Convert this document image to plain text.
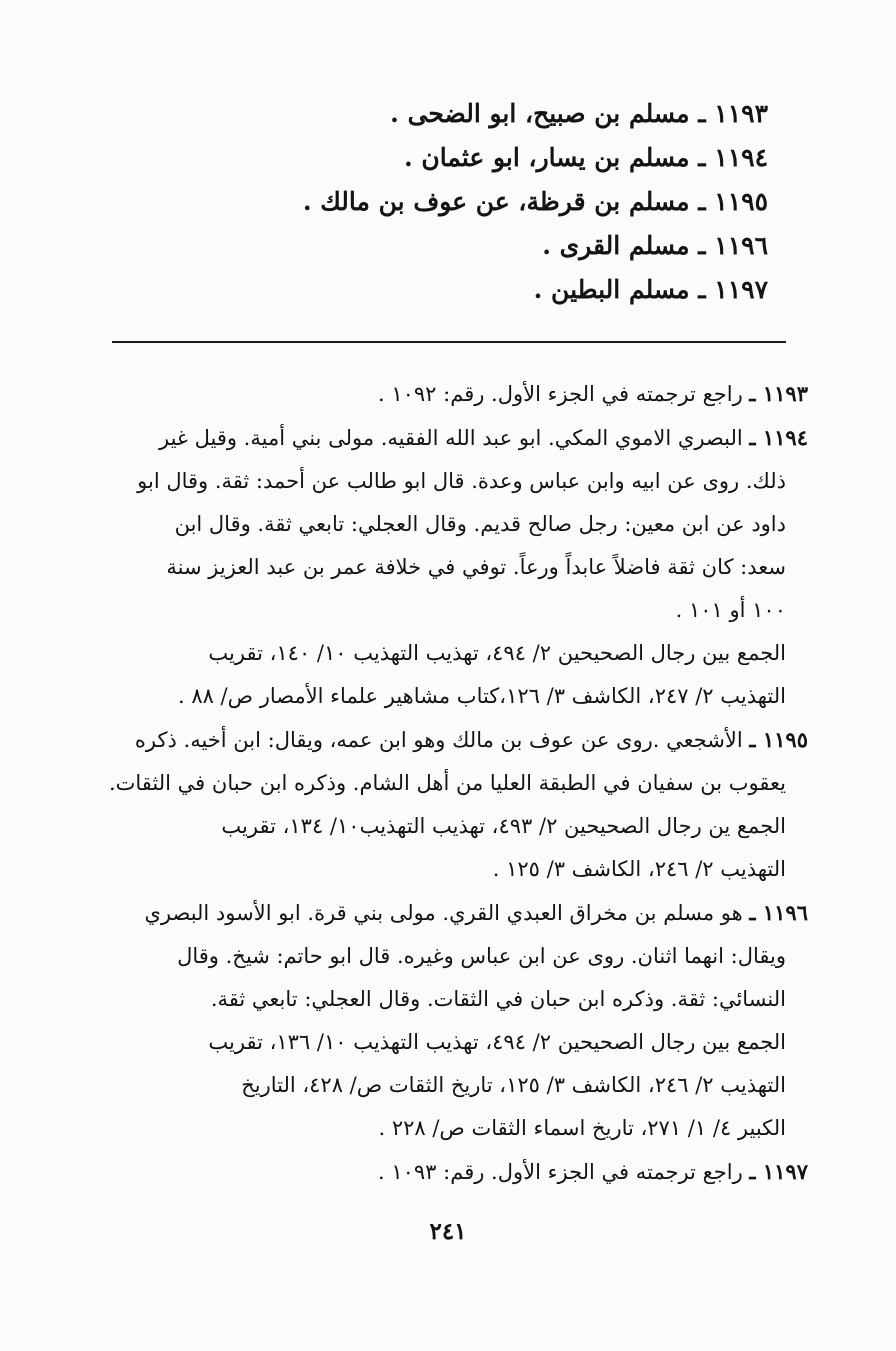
١١٩٣ ـ مسلم بن صبيح، ابو الضحى .
١١٩٤ ـ مسلم بن يسار، ابو عثمان .
١١٩٥ ـ مسلم بن قرظة، عن عوف بن مالك .
١١٩٦ ـ مسلم القرى .
١١٩٧ ـ مسلم البطين .
١١٩٣ ـ راجع ترجمته في الجزء الأول. رقم: ١٠٩٢ .
١١٩٤ ـ البصري الاموي المكي. ابو عبد الله الفقيه. مولى بني أمية. وقيل غير
ذلك. روى عن ابيه وابن عباس وعدة. قال ابو طالب عن أحمد: ثقة. وقال ابو
داود عن ابن معين: رجل صالح قديم. وقال العجلي: تابعي ثقة. وقال ابن
سعد: كان ثقة فاضلاً عابداً ورعاً. توفي في خلافة عمر بن عبد العزيز سنة
١٠٠ أو ١٠١ .
الجمع بين رجال الصحيحين ٢/ ٤٩٤، تهذيب التهذيب ١٠/ ١٤٠، تقريب
التهذيب ٢/ ٢٤٧، الكاشف ٣/ ١٢٦،كتاب مشاهير علماء الأمصار ص/ ٨٨ .
١١٩٥ ـ الأشجعي .روى عن عوف بن مالك وهو ابن عمه، ويقال: ابن أخيه. ذكره
يعقوب بن سفيان في الطبقة العليا من أهل الشام. وذكره ابن حبان في الثقات.
الجمع ين رجال الصحيحين ٢/ ٤٩٣، تهذيب التهذيب١٠/ ١٣٤، تقريب
التهذيب ٢/ ٢٤٦، الكاشف ٣/ ١٢٥ .
١١٩٦ ـ هو مسلم بن مخراق العبدي القري. مولى بني قرة. ابو الأسود البصري
ويقال: انهما اثنان. روى عن ابن عباس وغيره. قال ابو حاتم: شيخ. وقال
النسائي: ثقة. وذكره ابن حبان في الثقات. وقال العجلي: تابعي ثقة.
الجمع بين رجال الصحيحين ٢/ ٤٩٤، تهذيب التهذيب ١٠/ ١٣٦، تقريب
التهذيب ٢/ ٢٤٦، الكاشف ٣/ ١٢٥، تاريخ الثقات ص/ ٤٢٨، التاريخ
الكبير ٤/ ١/ ٢٧١، تاريخ اسماء الثقات ص/ ٢٢٨ .
١١٩٧ ـ راجع ترجمته في الجزء الأول. رقم: ١٠٩٣ .
٢٤١
